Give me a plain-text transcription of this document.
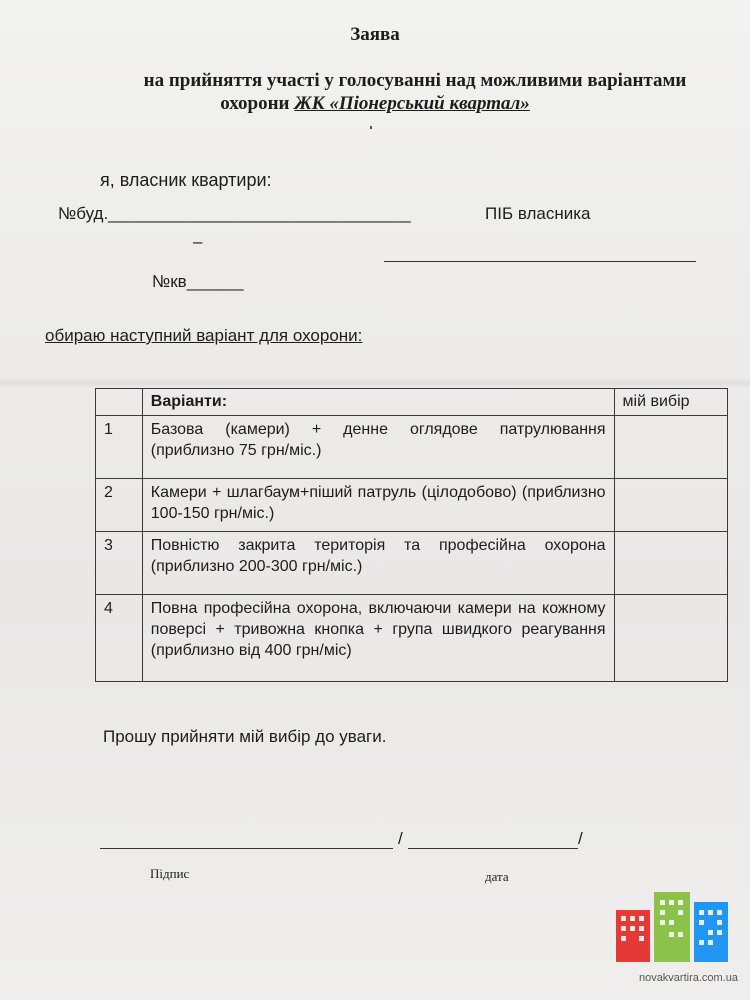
Заява
на прийняття участі у голосуванні над можливими варіантами
охорони ЖК «Піонерський квартал»
я, власник квартири:
№буд.________________________________
–
№кв______
ПІБ власника
обираю наступний варіант для охорони:
	Варіанти:	мій вибір
1	Базова (камери) + денне оглядове патрулювання (приблизно 75 грн/міс.)	
2	Камери + шлагбаум+піший патруль (цілодобово) (приблизно 100-150 грн/міс.)	
3	Повністю закрита територія та професійна охорона (приблизно 200-300 грн/міс.)	
4	Повна професійна охорона, включаючи камери на кожному поверсі + тривожна кнопка + група швидкого реагування (приблизно від 400 грн/міс)	
Прошу прийняти мій вибір до уваги.
/	/
Підпис	дата
novakvartira.com.ua
